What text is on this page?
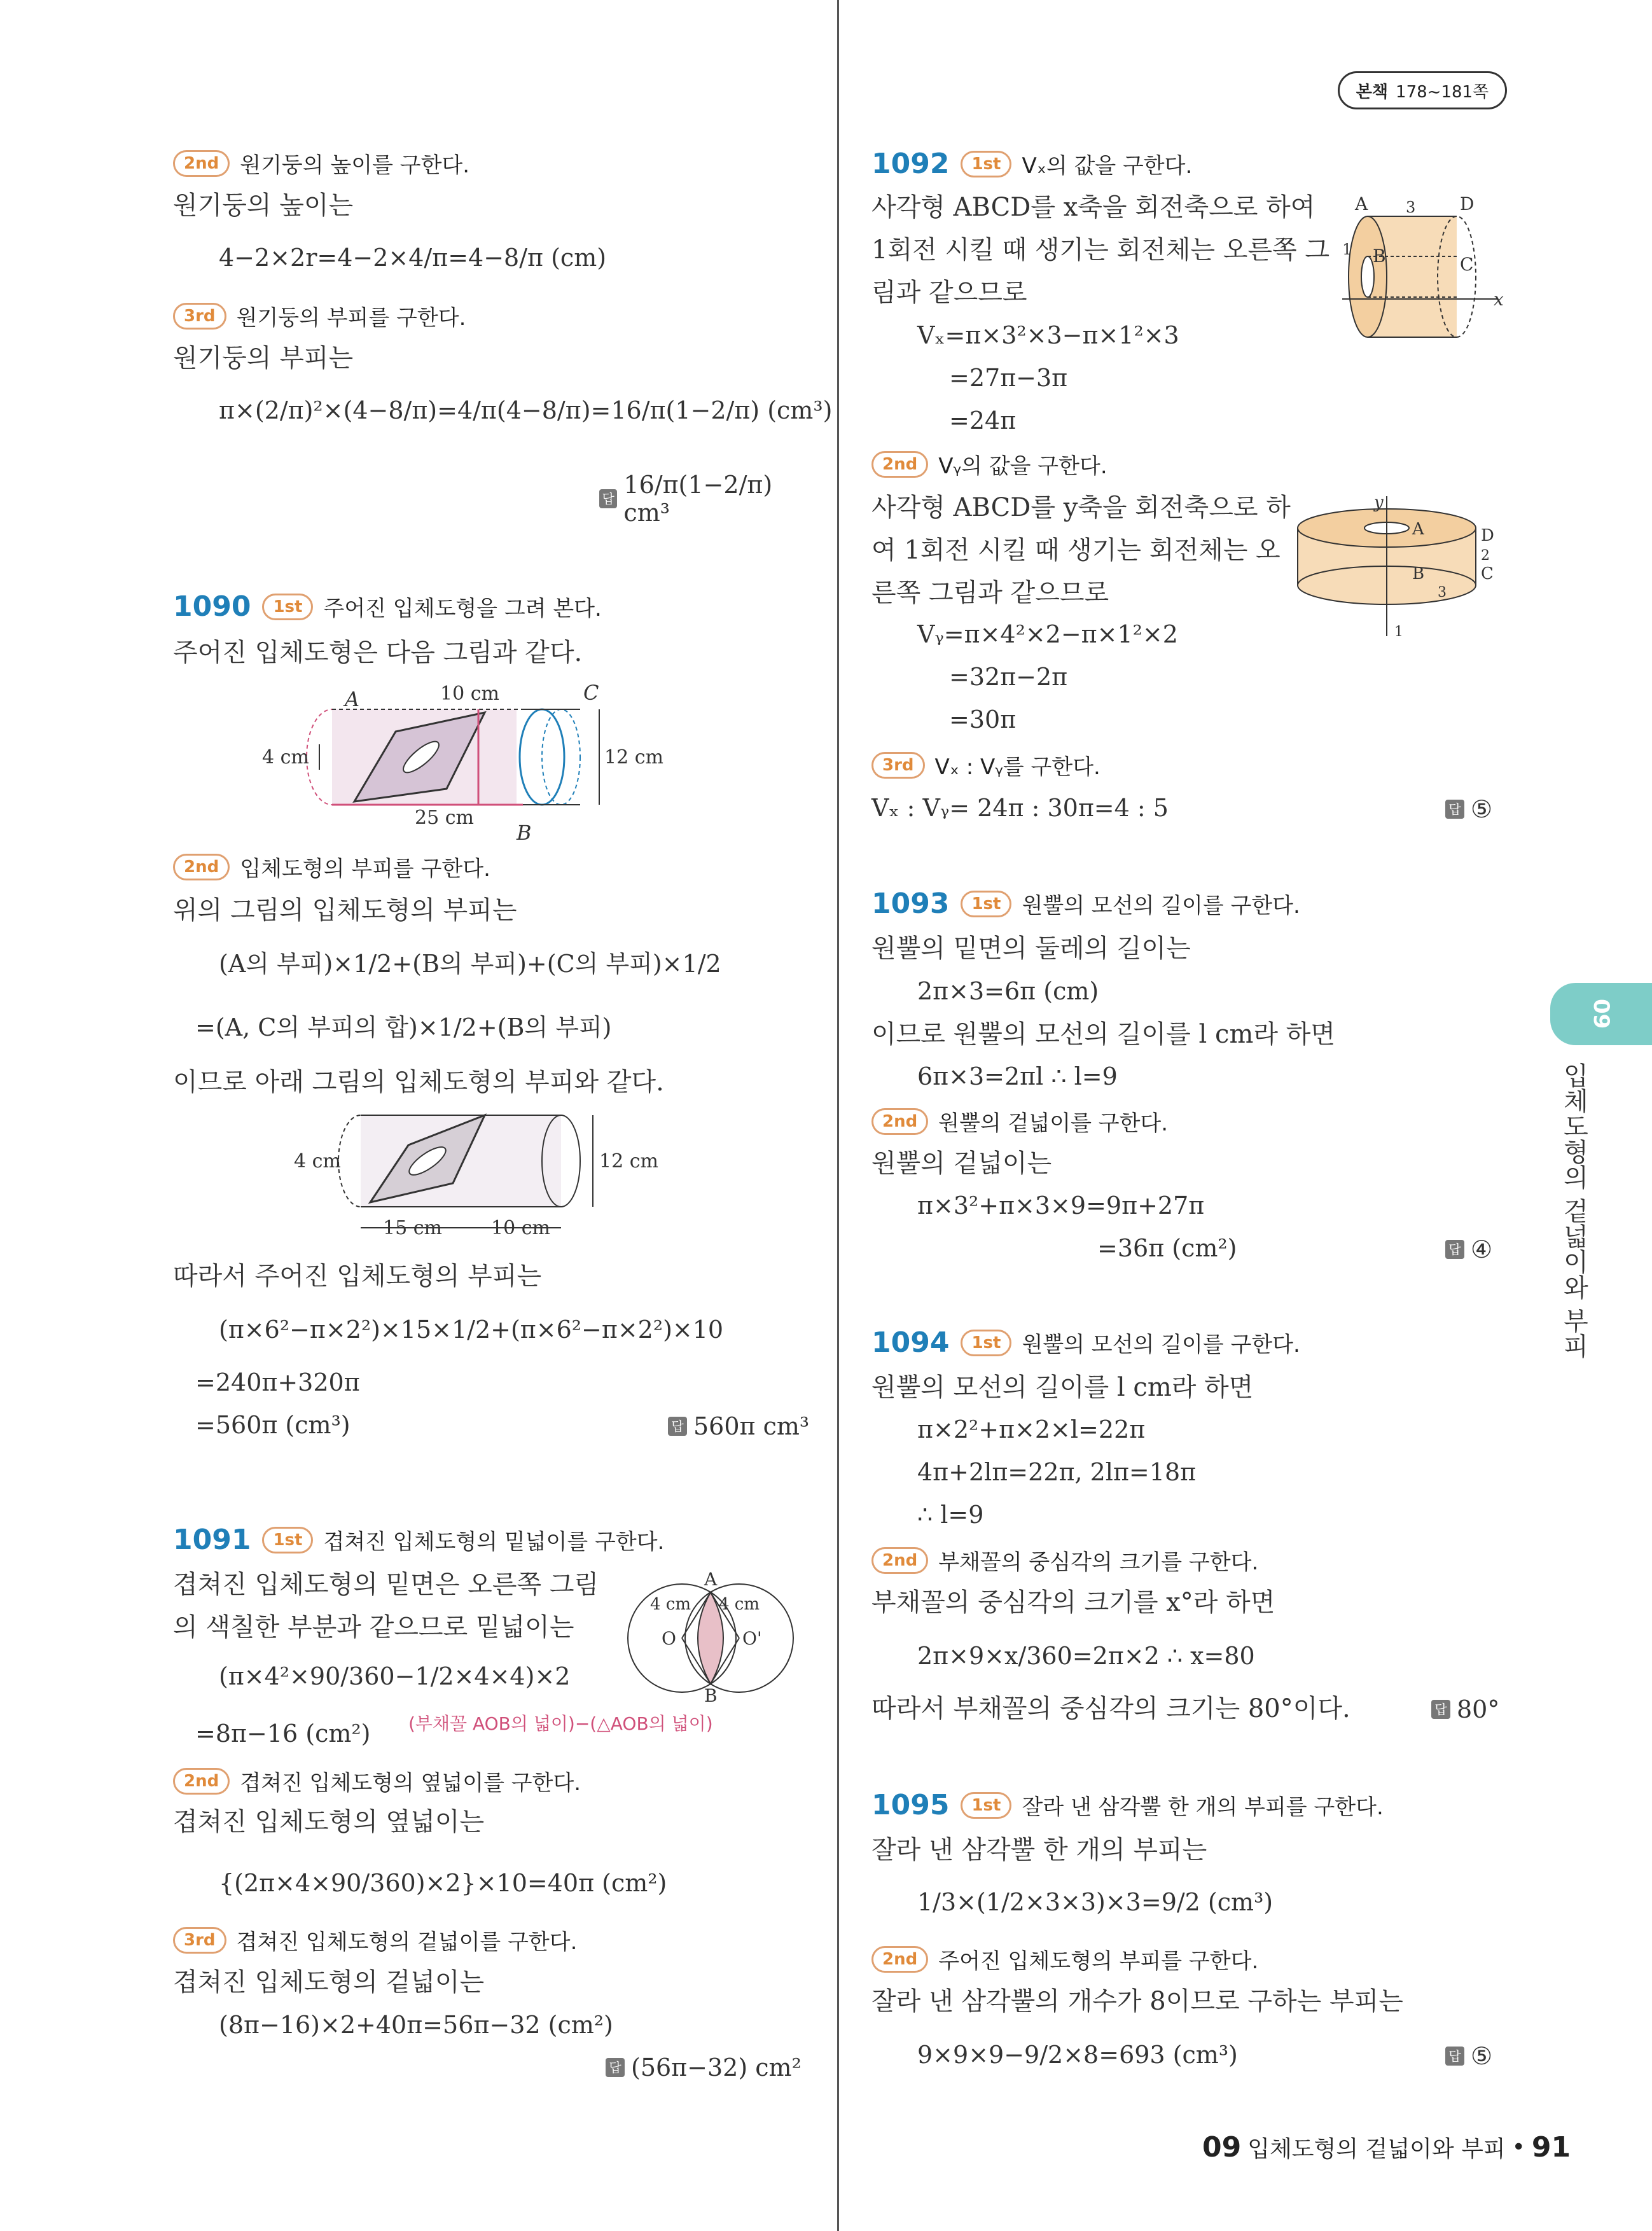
본책 178~181쪽
2nd 원기둥의 높이를 구한다.
원기둥의 높이는
4−2×2r=4−2×4/π=4−8/π (cm)
3rd 원기둥의 부피를 구한다.
원기둥의 부피는
π×(2/π)²×(4−8/π)=4/π(4−8/π)=16/π(1−2/π) (cm³)
답 16/π(1−2/π) cm³
1090	1st 주어진 입체도형을 그려 본다.
주어진 입체도형은 다음 그림과 같다.
A	10 cm	C
4 cm	12 cm
25 cm
B
2nd 입체도형의 부피를 구한다.
위의 그림의 입체도형의 부피는
(A의 부피)×1/2+(B의 부피)+(C의 부피)×1/2
=(A, C의 부피의 합)×1/2+(B의 부피)
이므로 아래 그림의 입체도형의 부피와 같다.
4 cm	12 cm
15 cm	10 cm
따라서 주어진 입체도형의 부피는
(π×6²−π×2²)×15×1/2+(π×6²−π×2²)×10
=240π+320π
=560π (cm³)	답 560π cm³
1091	1st 겹쳐진 입체도형의 밑넓이를 구한다.
겹쳐진 입체도형의 밑면은 오른쪽 그림
의 색칠한 부분과 같으므로 밑넓이는
A
B
O	O'
4 cm 4 cm
(π×4²×90/360−1/2×4×4)×2
(부채꼴 AOB의 넓이)−(△AOB의 넓이)
=8π−16 (cm²)
2nd 겹쳐진 입체도형의 옆넓이를 구한다.
겹쳐진 입체도형의 옆넓이는
{(2π×4×90/360)×2}×10=40π (cm²)
3rd 겹쳐진 입체도형의 겉넓이를 구한다.
겹쳐진 입체도형의 겉넓이는
(8π−16)×2+40π=56π−32 (cm²)
답 (56π−32) cm²
1092	1st Vₓ의 값을 구한다.
사각형 ABCD를 x축을 회전축으로 하여
1회전 시킬 때 생기는 회전체는 오른쪽 그
림과 같으므로
A 3 D
B	C
1
x
Vₓ=π×3²×3−π×1²×3
=27π−3π
=24π
2nd Vᵧ의 값을 구한다.
사각형 ABCD를 y축을 회전축으로 하
여 1회전 시킬 때 생기는 회전체는 오
른쪽 그림과 같으므로
y
A	D
2
B	C
3
1
Vᵧ=π×4²×2−π×1²×2
=32π−2π
=30π
3rd Vₓ : Vᵧ를 구한다.
Vₓ : Vᵧ= 24π : 30π=4 : 5	답 ⑤
1093	1st 원뿔의 모선의 길이를 구한다.
원뿔의 밑면의 둘레의 길이는
2π×3=6π (cm)
이므로 원뿔의 모선의 길이를 l cm라 하면
6π×3=2πl ∴ l=9
2nd 원뿔의 겉넓이를 구한다.
원뿔의 겉넓이는
π×3²+π×3×9=9π+27π
=36π (cm²)	답 ④
1094	1st 원뿔의 모선의 길이를 구한다.
원뿔의 모선의 길이를 l cm라 하면
π×2²+π×2×l=22π
4π+2lπ=22π, 2lπ=18π
∴ l=9
2nd 부채꼴의 중심각의 크기를 구한다.
부채꼴의 중심각의 크기를 x°라 하면
2π×9×x/360=2π×2 ∴ x=80
따라서 부채꼴의 중심각의 크기는 80°이다.	답 80°
1095	1st 잘라 낸 삼각뿔 한 개의 부피를 구한다.
잘라 낸 삼각뿔 한 개의 부피는
1/3×(1/2×3×3)×3=9/2 (cm³)
2nd 주어진 입체도형의 부피를 구한다.
잘라 낸 삼각뿔의 개수가 8이므로 구하는 부피는
9×9×9−9/2×8=693 (cm³)	답 ⑤
09
입체도형의 겉넓이와 부피
09 입체도형의 겉넓이와 부피 • 91
